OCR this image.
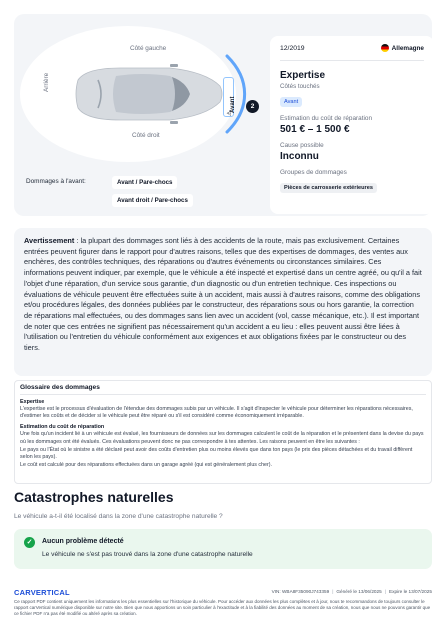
Côté gauche
Côté droit
Arrière
Avant
⚠
2
Dommages à l'avant:	Avant / Pare-chocs
Avant droit / Pare-chocs
12/2019	Allemagne
Expertise
Côtés touchés
Avant
Estimation du coût de réparation
501 € – 1 500 €
Cause possible
Inconnu
Groupes de dommages
Pièces de carrosserie extérieures
Avertissement : la plupart des dommages sont liés à des accidents de la route, mais pas exclusivement. Certaines entrées peuvent figurer dans le rapport pour d'autres raisons, telles que des expertises de dommages, des ventes aux enchères, des contrôles techniques, des réparations ou d'autres événements ou circonstances similaires. Ces informations peuvent indiquer, par exemple, que le véhicule a été inspecté et expertisé dans un centre agréé, ou qu'il a fait l'objet d'une réparation, d'un service sous garantie, d'un diagnostic ou d'un entretien technique. Ces inspections ou évaluations de véhicule peuvent être effectuées suite à un accident, mais aussi à d'autres raisons, comme des obligations et/ou procédures légales, des données publiées par le constructeur, des réparations sous ou hors garantie, la correction de réparations mal effectuées, ou des dommages sans lien avec un accident (vol, casse mécanique, etc.). Il est important de noter que ces entrées ne signifient pas nécessairement qu'un accident a eu lieu : elles peuvent aussi être liées à l'utilisation ou l'entretien du véhicule conformément aux exigences et aux obligations fixées par le constructeur ou des tiers.
Glossaire des dommages
Expertise
L'expertise est le processus d'évaluation de l'étendue des dommages subis par un véhicule. Il s'agit d'inspecter le véhicule pour déterminer les réparations nécessaires, d'estimer les coûts et de décider si le véhicule peut être réparé ou s'il est considéré comme économiquement irréparable.
Estimation du coût de réparation
Une fois qu'un incident lié à un véhicule est évalué, les fournisseurs de données sur les dommages calculent le coût de la réparation et le présentent dans la devise du pays où les dommages ont été évalués. Ces évaluations peuvent donc ne pas correspondre à tes attentes. Les raisons peuvent en être les suivantes :
Le pays ou l'État où le sinistre a été déclaré peut avoir des coûts d'entretien plus ou moins élevés que dans ton pays (le prix des pièces détachées et du travail diffèrent selon les pays).
Le coût est calculé pour des réparations effectuées dans un garage agréé (qui est généralement plus cher).
Catastrophes naturelles
Le véhicule a-t-il été localisé dans la zone d'une catastrophe naturelle ?
✓	Aucun problème détecté
Le véhicule ne s'est pas trouvé dans la zone d'une catastrophe naturelle
CARVERTICAL	VIN: WBA8F35090J743359 | Généré le 13/06/2025 | Expire le 13/07/2025
Ce rapport PDF contient uniquement les informations les plus essentielles sur l'historique du véhicule. Pour accéder aux données les plus complètes et à jour, nous te recommandons de toujours consulter le rapport carVertical numérique disponible sur notre site. Bien que nous apportions un soin particulier à l'exactitude et à la fiabilité des données au moment de sa création, nous que nous ne pouvons garantir que ce fichier PDF n'a pas été modifié ou altéré après sa création.
